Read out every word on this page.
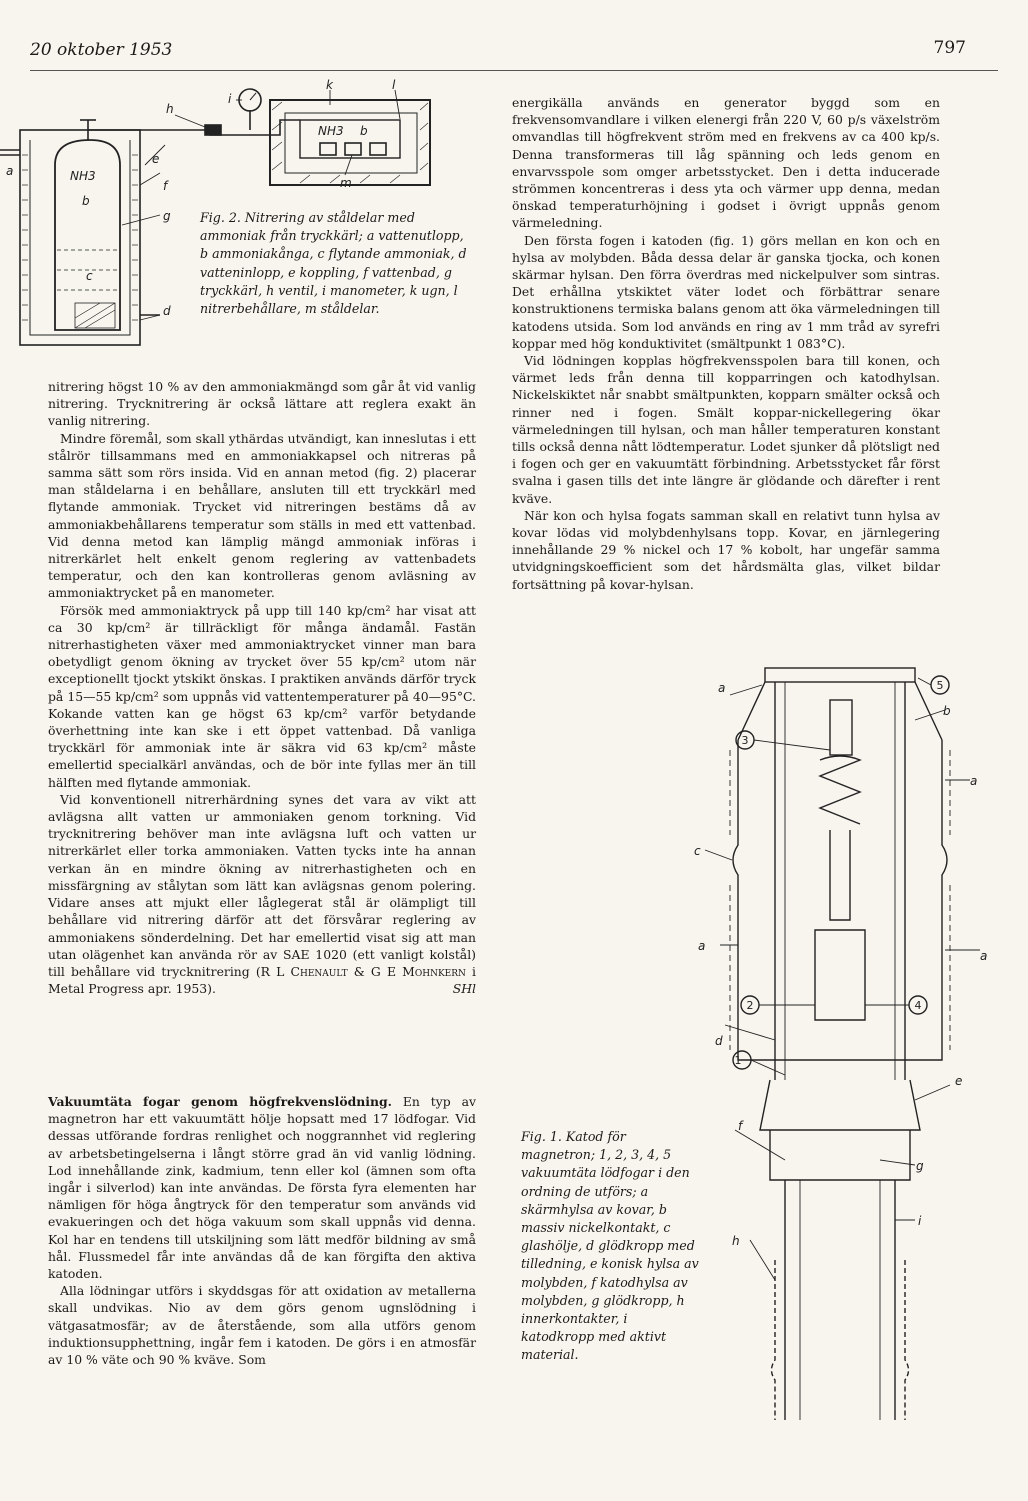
20 oktober 1953	797
a
b
c
d
e
f
g
h
i
k	l
m
NH3
NH3 b
Fig. 2. Nitrering av ståldelar med ammoniak från tryckkärl; a vattenutlopp, b ammoniakånga, c flytande ammoniak, d vatteninlopp, e koppling, f vattenbad, g tryckkärl, h ventil, i manometer, k ugn, l nitrerbehållare, m ståldelar.

nitrering högst 10 % av den ammoniakmängd som går åt vid vanlig nitrering. Trycknitrering är också lättare att reglera exakt än vanlig nitrering.

Mindre föremål, som skall ythärdas utvändigt, kan inneslutas i ett stålrör tillsammans med en ammoniakkapsel och nitreras på samma sätt som rörs insida. Vid en annan metod (fig. 2) placerar man ståldelarna i en behållare, ansluten till ett tryckkärl med flytande ammoniak. Trycket vid nitreringen bestäms då av ammoniakbehållarens temperatur som ställs in med ett vattenbad. Vid denna metod kan lämplig mängd ammoniak införas i nitrerkärlet helt enkelt genom reglering av vattenbadets temperatur, och den kan kontrolleras genom avläsning av ammoniaktrycket på en manometer.

Försök med ammoniaktryck på upp till 140 kp/cm² har visat att ca 30 kp/cm² är tillräckligt för många ändamål. Fastän nitrerhastigheten växer med ammoniaktrycket vinner man bara obetydligt genom ökning av trycket över 55 kp/cm² utom när exceptionellt tjockt ytskikt önskas. I praktiken används därför tryck på 15—55 kp/cm² som uppnås vid vattentemperaturer på 40—95°C. Kokande vatten kan ge högst 63 kp/cm² varför betydande överhettning inte kan ske i ett öppet vattenbad. Då vanliga tryckkärl för ammoniak inte är säkra vid 63 kp/cm² måste emellertid specialkärl användas, och de bör inte fyllas mer än till hälften med flytande ammoniak.

Vid konventionell nitrerhärdning synes det vara av vikt att avlägsna allt vatten ur ammoniaken genom torkning. Vid trycknitrering behöver man inte avlägsna luft och vatten ur nitrerkärlet eller torka ammoniaken. Vatten tycks inte ha annan verkan än en mindre ökning av nitrerhastigheten och en missfärgning av stålytan som lätt kan avlägsnas genom polering. Vidare anses att mjukt eller låglegerat stål är olämpligt till behållare vid nitrering därför att det försvårar reglering av ammoniakens sönderdelning. Det har emellertid visat sig att man utan olägenhet kan använda rör av SAE 1020 (ett vanligt kolstål) till behållare vid trycknitrering (R L Chenault & G E Mohnkern i Metal Progress apr. 1953).	SHl

Vakuumtäta fogar genom högfrekvenslödning. En typ av magnetron har ett vakuumtätt hölje hopsatt med 17 lödfogar. Vid dessas utförande fordras renlighet och noggrannhet vid reglering av arbetsbetingelserna i långt större grad än vid vanlig lödning. Lod innehållande zink, kadmium, tenn eller kol (ämnen som ofta ingår i silverlod) kan inte användas. De första fyra elementen har nämligen för höga ångtryck för den temperatur som används vid evakueringen och det höga vakuum som skall uppnås vid denna. Kol har en tendens till utskiljning som lätt medför bildning av små hål. Flussmedel får inte användas då de kan förgifta den aktiva katoden.

Alla lödningar utförs i skyddsgas för att oxidation av metallerna skall undvikas. Nio av dem görs genom ugnslödning i vätgasatmosfär; av de återstående, som alla utförs genom induktionsupphettning, ingår fem i katoden. De görs i en atmosfär av 10 % väte och 90 % kväve. Som

energikälla används en generator byggd som en frekvensomvandlare i vilken elenergi från 220 V, 60 p/s växelström omvandlas till högfrekvent ström med en frekvens av ca 400 kp/s. Denna transformeras till låg spänning och leds genom en envarvsspole som omger arbetsstycket. Den i detta inducerade strömmen koncentreras i dess yta och värmer upp denna, medan önskad temperaturhöjning i godset i övrigt uppnås genom värmeledning.

Den första fogen i katoden (fig. 1) görs mellan en kon och en hylsa av molybden. Båda dessa delar är ganska tjocka, och konen skärmar hylsan. Den förra överdras med nickelpulver som sintras. Det erhållna ytskiktet väter lodet och förbättrar senare konstruktionens termiska balans genom att öka värmeledningen till katodens utsida. Som lod används en ring av 1 mm tråd av syrefri koppar med hög konduktivitet (smältpunkt 1 083°C).

Vid lödningen kopplas högfrekvensspolen bara till konen, och värmet leds från denna till kopparringen och katodhylsan. Nickelskiktet når snabbt smältpunkten, kopparn smälter också och rinner ned i fogen. Smält koppar-nickellegering ökar värmeledningen till hylsan, och man håller temperaturen konstant tills också denna nått lödtemperatur. Lodet sjunker då plötsligt ned i fogen och ger en vakuumtätt förbindning. Arbetsstycket får först svalna i gasen tills det inte längre är glödande och därefter i rent kväve.

När kon och hylsa fogats samman skall en relativt tunn hylsa av kovar lödas vid molybdenhylsans topp. Kovar, en järnlegering innehållande 29 % nickel och 17 % kobolt, har ungefär samma utvidgningskoefficient som det hårdsmälta glas, vilket bildar fortsättning på kovar-hylsan.

a
b
a
c
a
a
d
e
f
g
h
i
1
2
3
4
5
Fig. 1. Katod för magnetron; 1, 2, 3, 4, 5 vakuumtäta lödfogar i den ordning de utförs; a skärmhylsa av kovar, b massiv nickelkontakt, c glashölje, d glödkropp med tilledning, e konisk hylsa av molybden, f katodhylsa av molybden, g glödkropp, h innerkontakter, i katodkropp med aktivt material.
